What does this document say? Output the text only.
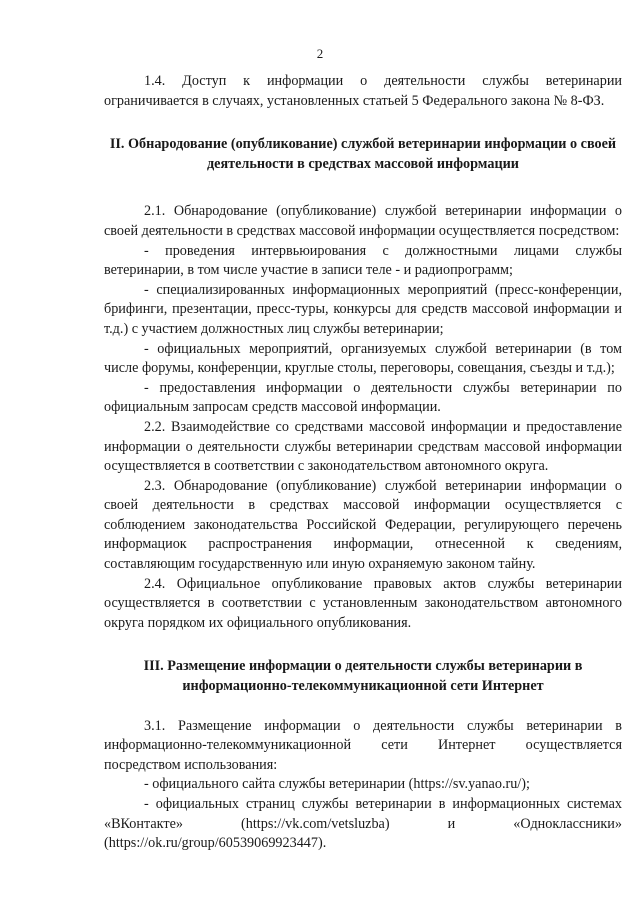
2

1.4. Доступ к информации о деятельности службы ветеринарии ограничивается в случаях, установленных статьей 5 Федерального закона № 8-ФЗ.

II. Обнародование (опубликование) службой ветеринарии информации о своей деятельности в средствах массовой информации

2.1. Обнародование (опубликование) службой ветеринарии информации о своей деятельности в средствах массовой информации осуществляется посредством:

- проведения интервьюирования с должностными лицами службы ветеринарии, в том числе участие в записи теле - и радиопрограмм;

- специализированных информационных мероприятий (пресс-конференции, брифинги, презентации, пресс-туры, конкурсы для средств массовой информации и т.д.) с участием должностных лиц службы ветеринарии;

- официальных мероприятий, организуемых службой ветеринарии (в том числе форумы, конференции, круглые столы, переговоры, совещания, съезды и т.д.);

- предоставления информации о деятельности службы ветеринарии по официальным запросам средств массовой информации.

2.2. Взаимодействие со средствами массовой информации и предоставление информации о деятельности службы ветеринарии средствам массовой информации осуществляется в соответствии с законодательством автономного округа.

2.3. Обнародование (опубликование) службой ветеринарии информации о своей деятельности в средствах массовой информации осуществляется с соблюдением законодательства Российской Федерации, регулирующего перечень информациок распространения информации, отнесенной к сведениям, составляющим государственную или иную охраняемую законом тайну.

2.4. Официальное опубликование правовых актов службы ветеринарии осуществляется в соответствии с установленным законодательством автономного округа порядком их официального опубликования.

III. Размещение информации о деятельности службы ветеринарии в информационно-телекоммуникационной сети Интернет

3.1. Размещение информации о деятельности службы ветеринарии в информационно-телекоммуникационной сети Интернет осуществляется посредством использования:

- официального сайта службы ветеринарии (https://sv.yanao.ru/);

- официальных страниц службы ветеринарии в информационных системах «ВКонтакте» (https://vk.com/vetsluzba) и «Одноклассники» (https://ok.ru/group/60539069923447).
